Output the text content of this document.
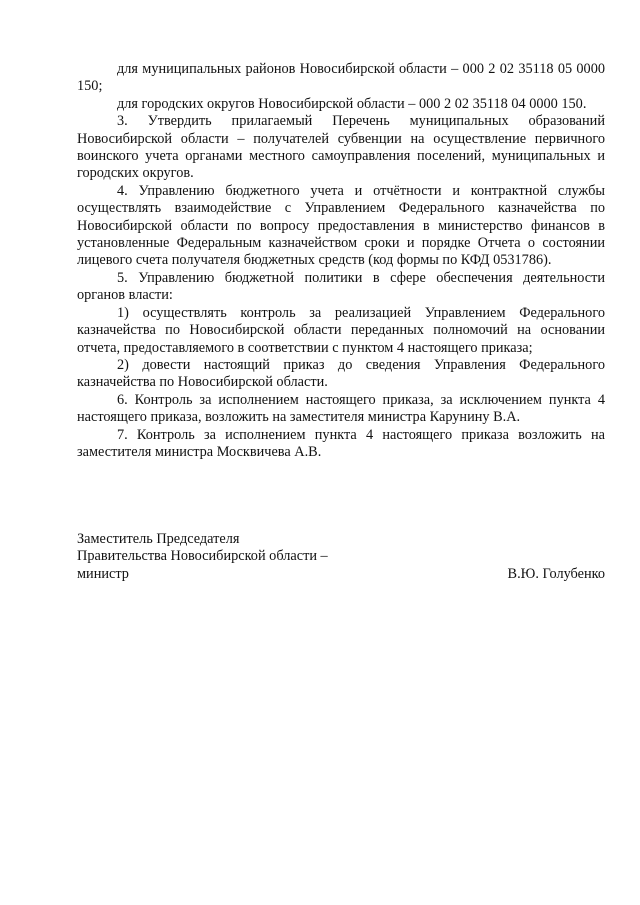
для муниципальных районов Новосибирской области – 000 2 02 35118 05 0000 150;

для городских округов Новосибирской области – 000 2 02 35118 04 0000 150.

3. Утвердить прилагаемый Перечень муниципальных образований Новосибирской области – получателей субвенции на осуществление первичного воинского учета органами местного самоуправления поселений, муниципальных и городских округов.

4. Управлению бюджетного учета и отчётности и контрактной службы осуществлять взаимодействие с Управлением Федерального казначейства по Новосибирской области по вопросу предоставления в министерство финансов в установленные Федеральным казначейством сроки и порядке Отчета о состоянии лицевого счета получателя бюджетных средств (код формы по КФД 0531786).

5. Управлению бюджетной политики в сфере обеспечения деятельности органов власти:

1) осуществлять контроль за реализацией Управлением Федерального казначейства по Новосибирской области переданных полномочий на основании отчета, предоставляемого в соответствии с пунктом 4 настоящего приказа;

2) довести настоящий приказ до сведения Управления Федерального казначейства по Новосибирской области.

6. Контроль за исполнением настоящего приказа, за исключением пункта 4 настоящего приказа, возложить на заместителя министра Карунину В.А.

7. Контроль за исполнением пункта 4 настоящего приказа возложить на заместителя министра Москвичева А.В.

Заместитель Председателя
Правительства Новосибирской области –
министр	В.Ю. Голубенко
